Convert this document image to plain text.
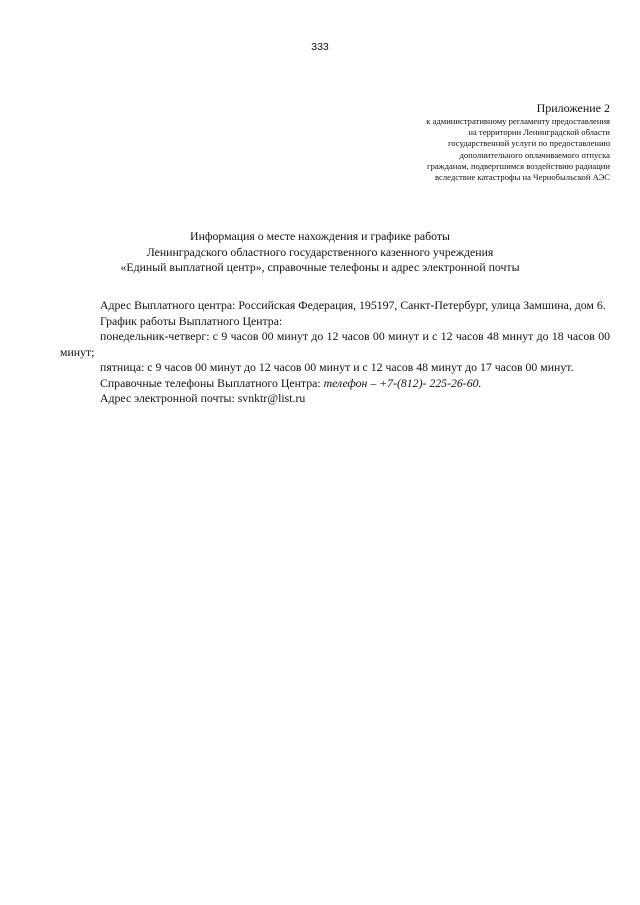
333
Приложение 2
к административному регламенту предоставления
на территории Ленинградской области
государственной услуги по предоставлению
дополнительного оплачиваемого отпуска
гражданам, подвергшимся воздействию радиации
вследствие катастрофы на Чернобыльской АЭС
Информация о месте нахождения и графике работы
Ленинградского областного государственного казенного учреждения
«Единый выплатной центр», справочные телефоны и адрес электронной почты

Адрес Выплатного центра: Российская Федерация, 195197, Санкт-Петербург, улица Замшина, дом 6.

График работы Выплатного Центра:

понедельник-четверг: с 9 часов 00 минут до 12 часов 00 минут и с 12 часов 48 минут до 18 часов 00 минут;

пятница: с 9 часов 00 минут до 12 часов 00 минут и с 12 часов 48 минут до 17 часов 00 минут.

Справочные телефоны Выплатного Центра: телефон – +7-(812)- 225-26-60.

Адрес электронной почты: svnktr@list.ru
